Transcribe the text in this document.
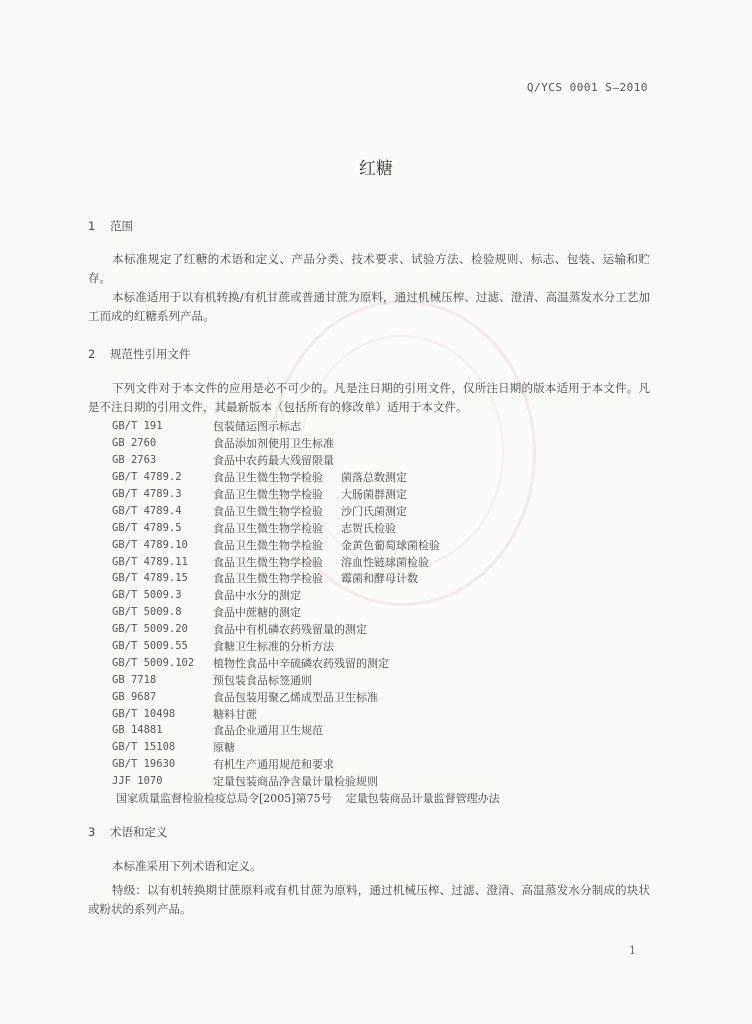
Q/YCS 0001 S—2010
红糖
1 范围
本标准规定了红糖的术语和定义、产品分类、技术要求、试验方法、检验规则、标志、包装、运输和贮存。
本标准适用于以有机转换/有机甘蔗或普通甘蔗为原料，通过机械压榨、过滤、澄清、高温蒸发水分工艺加工而成的红糖系列产品。
2 规范性引用文件
下列文件对于本文件的应用是必不可少的。凡是注日期的引用文件，仅所注日期的版本适用于本文件。凡是不注日期的引用文件，其最新版本（包括所有的修改单）适用于本文件。
GB/T 191	包装储运图示标志
GB 2760	食品添加剂使用卫生标准
GB 2763	食品中农药最大残留限量
GB/T 4789.2	食品卫生微生物学检验 菌落总数测定
GB/T 4789.3	食品卫生微生物学检验 大肠菌群测定
GB/T 4789.4	食品卫生微生物学检验 沙门氏菌测定
GB/T 4789.5	食品卫生微生物学检验 志贺氏检验
GB/T 4789.10	食品卫生微生物学检验 金黄色葡萄球菌检验
GB/T 4789.11	食品卫生微生物学检验 溶血性链球菌检验
GB/T 4789.15	食品卫生微生物学检验 霉菌和酵母计数
GB/T 5009.3	食品中水分的测定
GB/T 5009.8	食品中蔗糖的测定
GB/T 5009.20	食品中有机磷农药残留量的测定
GB/T 5009.55	食糖卫生标准的分析方法
GB/T 5009.102	植物性食品中辛硫磷农药残留的测定
GB 7718	预包装食品标签通则
GB 9687	食品包装用聚乙烯成型品卫生标准
GB/T 10498	糖料甘蔗
GB 14881	食品企业通用卫生规范
GB/T 15108	原糖
GB/T 19630	有机生产通用规范和要求
JJF 1070	定量包装商品净含量计量检验规则
国家质量监督检验检疫总局令[2005]第75号 定量包装商品计量监督管理办法
3 术语和定义
本标准采用下列术语和定义。
特级：以有机转换期甘蔗原料或有机甘蔗为原料，通过机械压榨、过滤、澄清、高温蒸发水分制成的块状或粉状的系列产品。
1
